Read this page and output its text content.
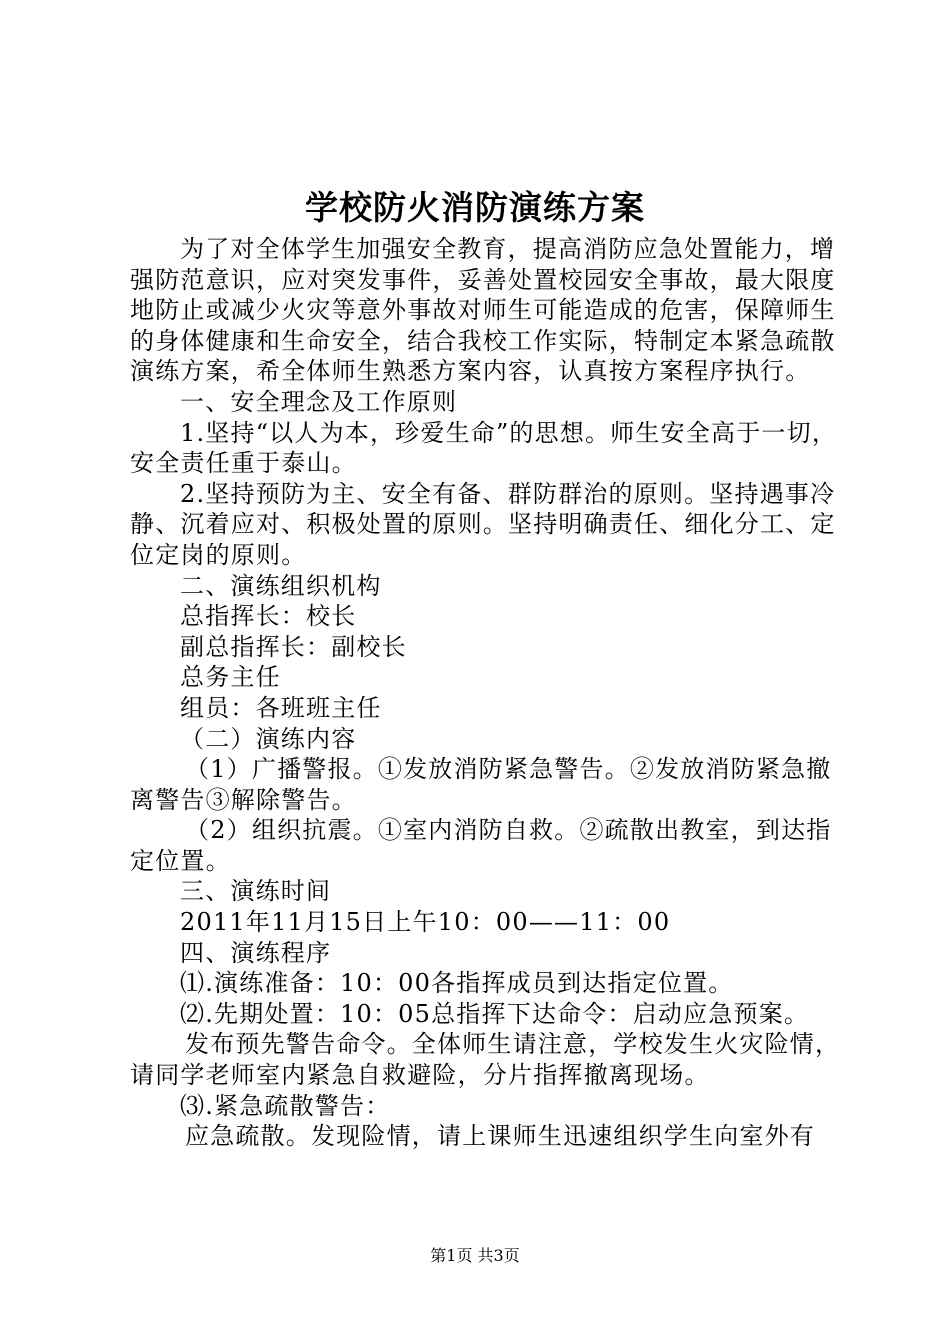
学校防火消防演练方案

为了对全体学生加强安全教育，提高消防应急处置能力，增强防范意识，应对突发事件，妥善处置校园安全事故，最大限度地防止或减少火灾等意外事故对师生可能造成的危害，保障师生的身体健康和生命安全，结合我校工作实际，特制定本紧急疏散演练方案，希全体师生熟悉方案内容，认真按方案程序执行。

一、安全理念及工作原则

1.坚持“以人为本，珍爱生命”的思想。师生安全高于一切，安全责任重于泰山。

2.坚持预防为主、安全有备、群防群治的原则。坚持遇事冷静、沉着应对、积极处置的原则。坚持明确责任、细化分工、定位定岗的原则。

二、演练组织机构

总指挥长：校长

副总指挥长：副校长

总务主任

组员：各班班主任

（二）演练内容

（1）广播警报。①发放消防紧急警告。②发放消防紧急撤离警告③解除警告。

（2）组织抗震。①室内消防自救。②疏散出教室，到达指定位置。

三、演练时间

2011年11月15日上午10：00——11：00

四、演练程序

⑴.演练准备：10：00各指挥成员到达指定位置。

⑵.先期处置：10：05总指挥下达命令：启动应急预案。

发布预先警告命令。全体师生请注意，学校发生火灾险情，请同学老师室内紧急自救避险，分片指挥撤离现场。

⑶.紧急疏散警告：

应急疏散。发现险情，请上课师生迅速组织学生向室外有

第1页 共3页
